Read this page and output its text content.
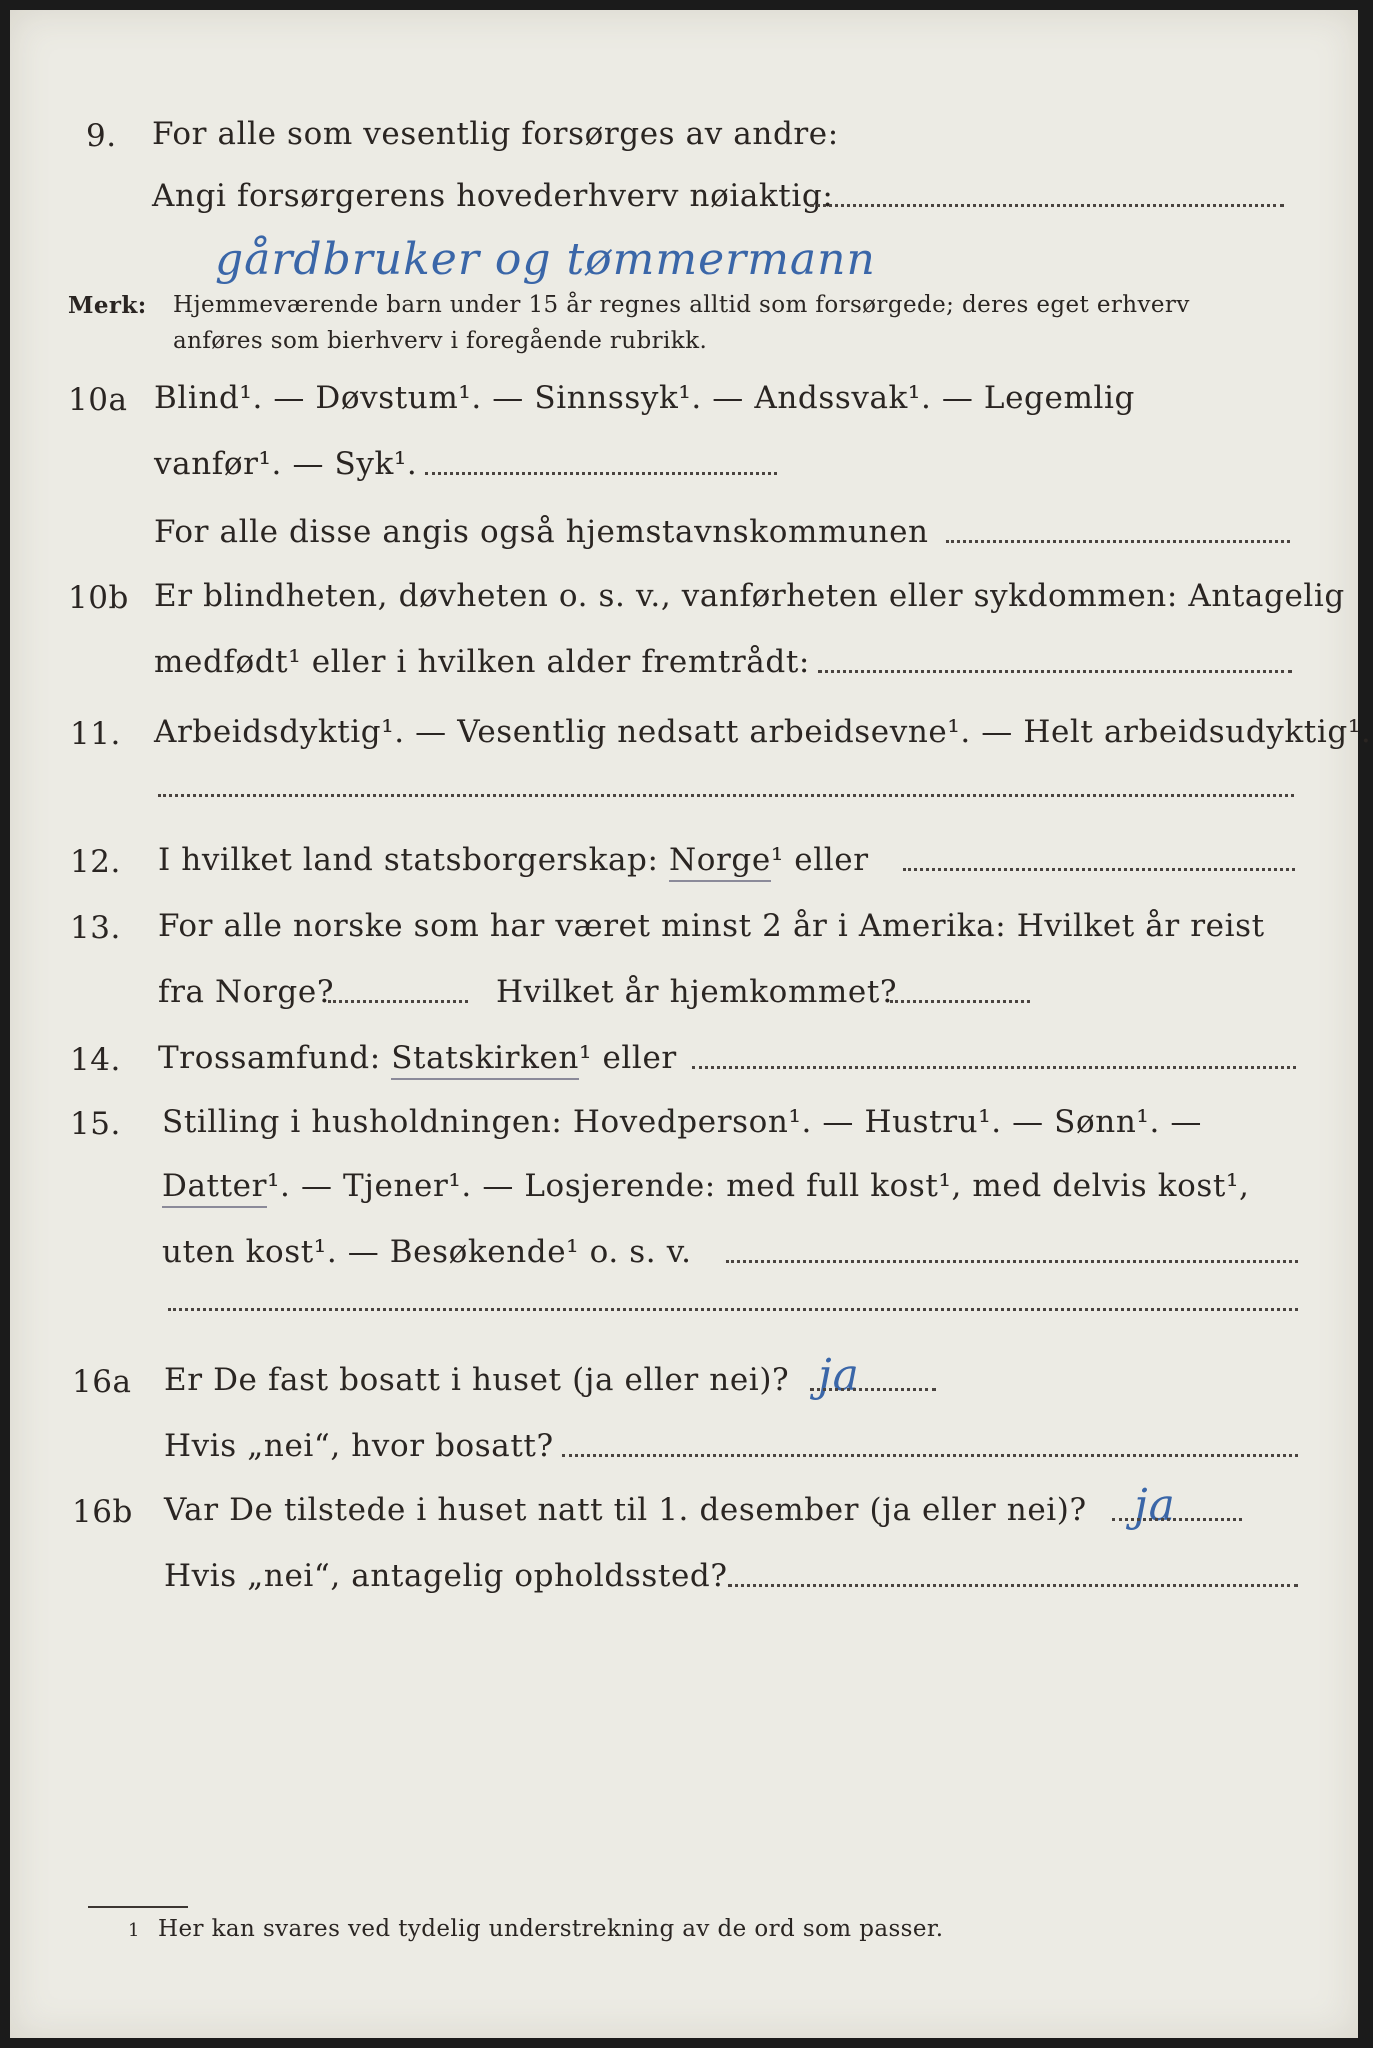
9. For alle som vesentlig forsørges av andre:
Angi forsørgerens hovederhverv nøiaktig:
gårdbruker og tømmermann
Merk: Hjemmeværende barn under 15 år regnes alltid som forsørgede; deres eget erhverv
anføres som bierhverv i foregående rubrikk.
10a Blind¹. — Døvstum¹. — Sinnssyk¹. — Andssvak¹. — Legemlig
vanfør¹. — Syk¹.
For alle disse angis også hjemstavnskommunen
10b Er blindheten, døvheten o. s. v., vanførheten eller sykdommen: Antagelig
medfødt¹ eller i hvilken alder fremtrådt:
11. Arbeidsdyktig¹. — Vesentlig nedsatt arbeidsevne¹. — Helt arbeidsudyktig¹.
12. I hvilket land statsborgerskap: Norge¹ eller
13. For alle norske som har været minst 2 år i Amerika: Hvilket år reist
fra Norge?	Hvilket år hjemkommet?
14. Trossamfund: Statskirken¹ eller
15. Stilling i husholdningen: Hovedperson¹. — Hustru¹. — Sønn¹. —
Datter¹. — Tjener¹. — Losjerende: med full kost¹, med delvis kost¹,
uten kost¹. — Besøkende¹ o. s. v.
16a Er De fast bosatt i huset (ja eller nei)? ja
Hvis „nei“, hvor bosatt?
16b Var De tilstede i huset natt til 1. desember (ja eller nei)? ja
Hvis „nei“, antagelig opholdssted?
1 Her kan svares ved tydelig understrekning av de ord som passer.
